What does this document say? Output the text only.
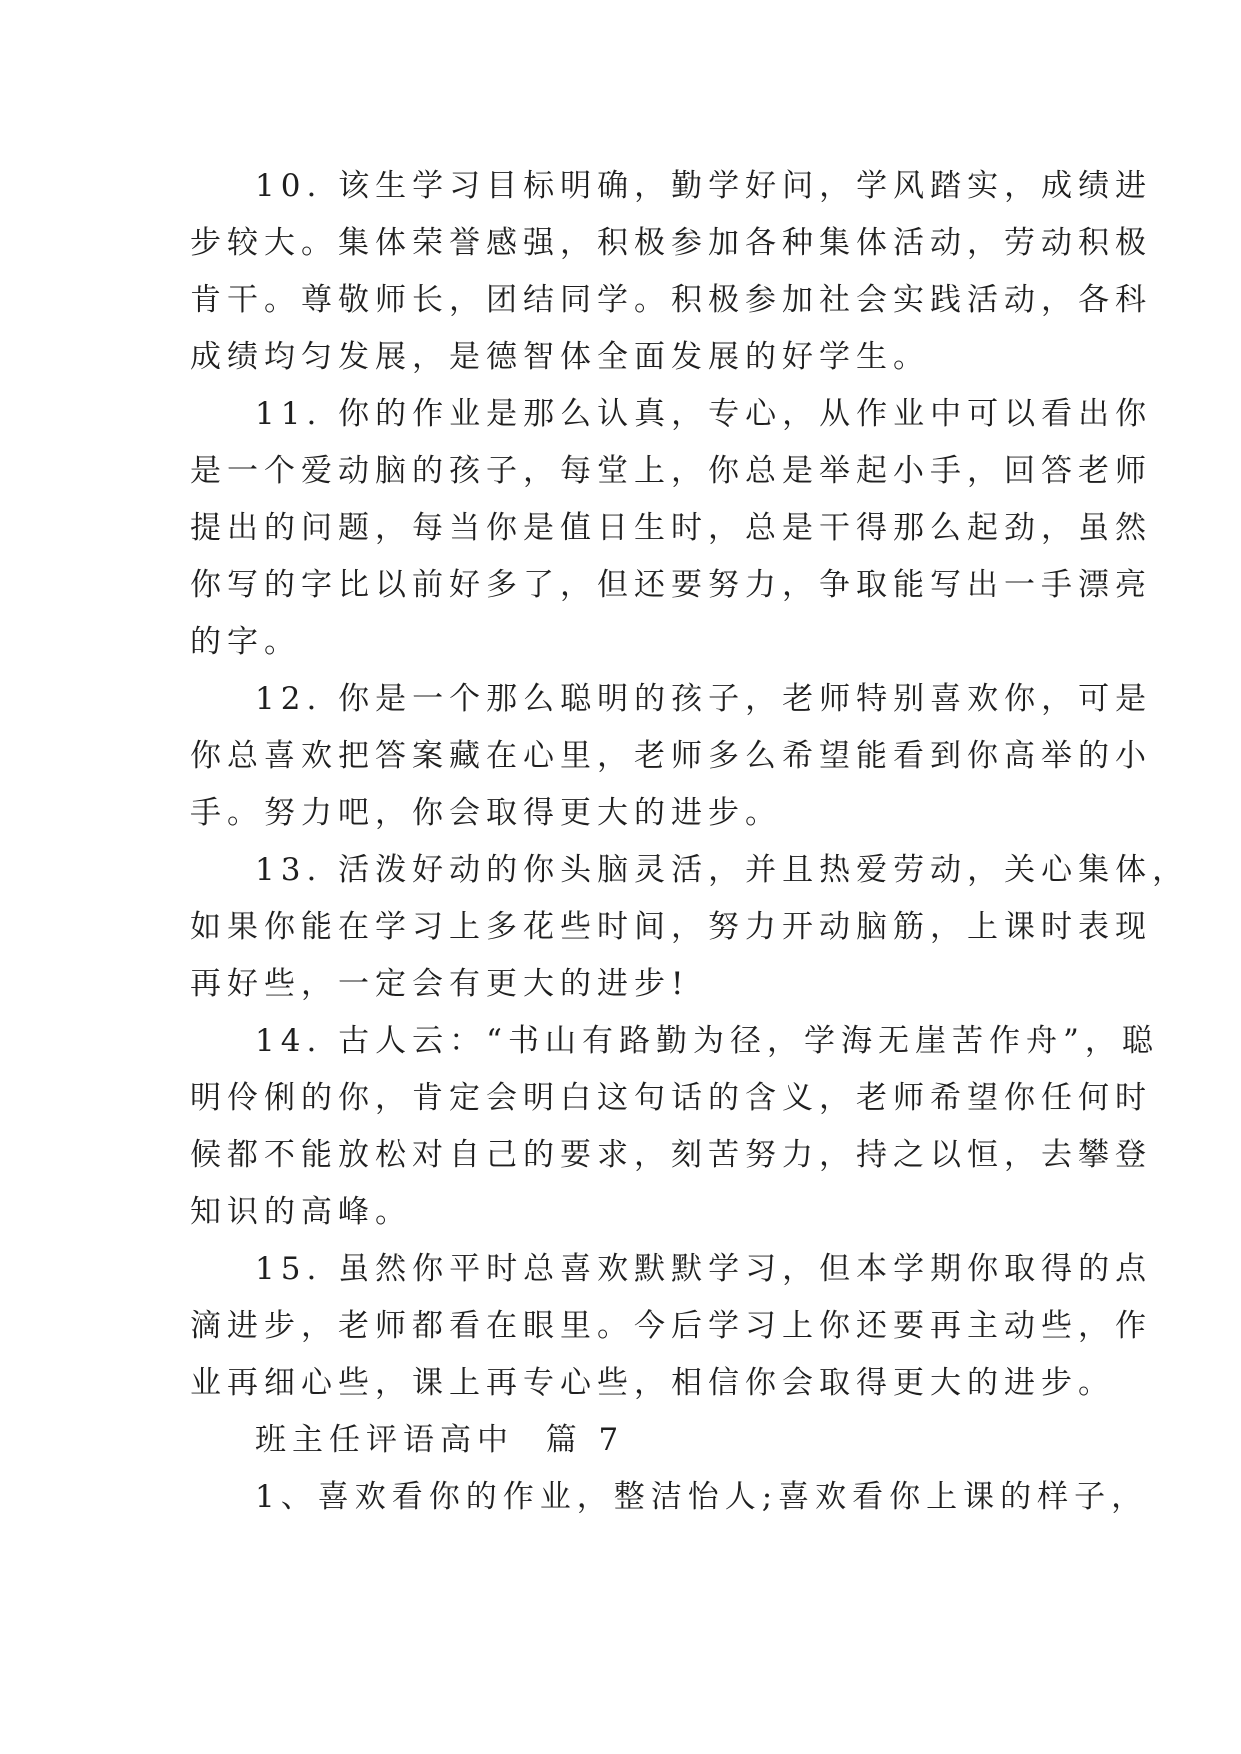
10. 该生学习目标明确，勤学好问，学风踏实，成绩进
步较大。集体荣誉感强，积极参加各种集体活动，劳动积极
肯干。尊敬师长，团结同学。积极参加社会实践活动，各科
成绩均匀发展，是德智体全面发展的好学生。
11. 你的作业是那么认真，专心，从作业中可以看出你
是一个爱动脑的孩子，每堂上，你总是举起小手，回答老师
提出的问题，每当你是值日生时，总是干得那么起劲，虽然
你写的字比以前好多了，但还要努力，争取能写出一手漂亮
的字。
12. 你是一个那么聪明的孩子，老师特别喜欢你，可是
你总喜欢把答案藏在心里，老师多么希望能看到你高举的小
手。努力吧，你会取得更大的进步。
13. 活泼好动的你头脑灵活，并且热爱劳动，关心集体，
如果你能在学习上多花些时间，努力开动脑筋，上课时表现
再好些，一定会有更大的进步!
14. 古人云：“书山有路勤为径，学海无崖苦作舟”，聪
明伶俐的你，肯定会明白这句话的含义，老师希望你任何时
候都不能放松对自己的要求，刻苦努力，持之以恒，去攀登
知识的高峰。
15. 虽然你平时总喜欢默默学习，但本学期你取得的点
滴进步，老师都看在眼里。今后学习上你还要再主动些，作
业再细心些，课上再专心些，相信你会取得更大的进步。
班主任评语高中  篇 7
1、喜欢看你的作业，整洁怡人;喜欢看你上课的样子，
